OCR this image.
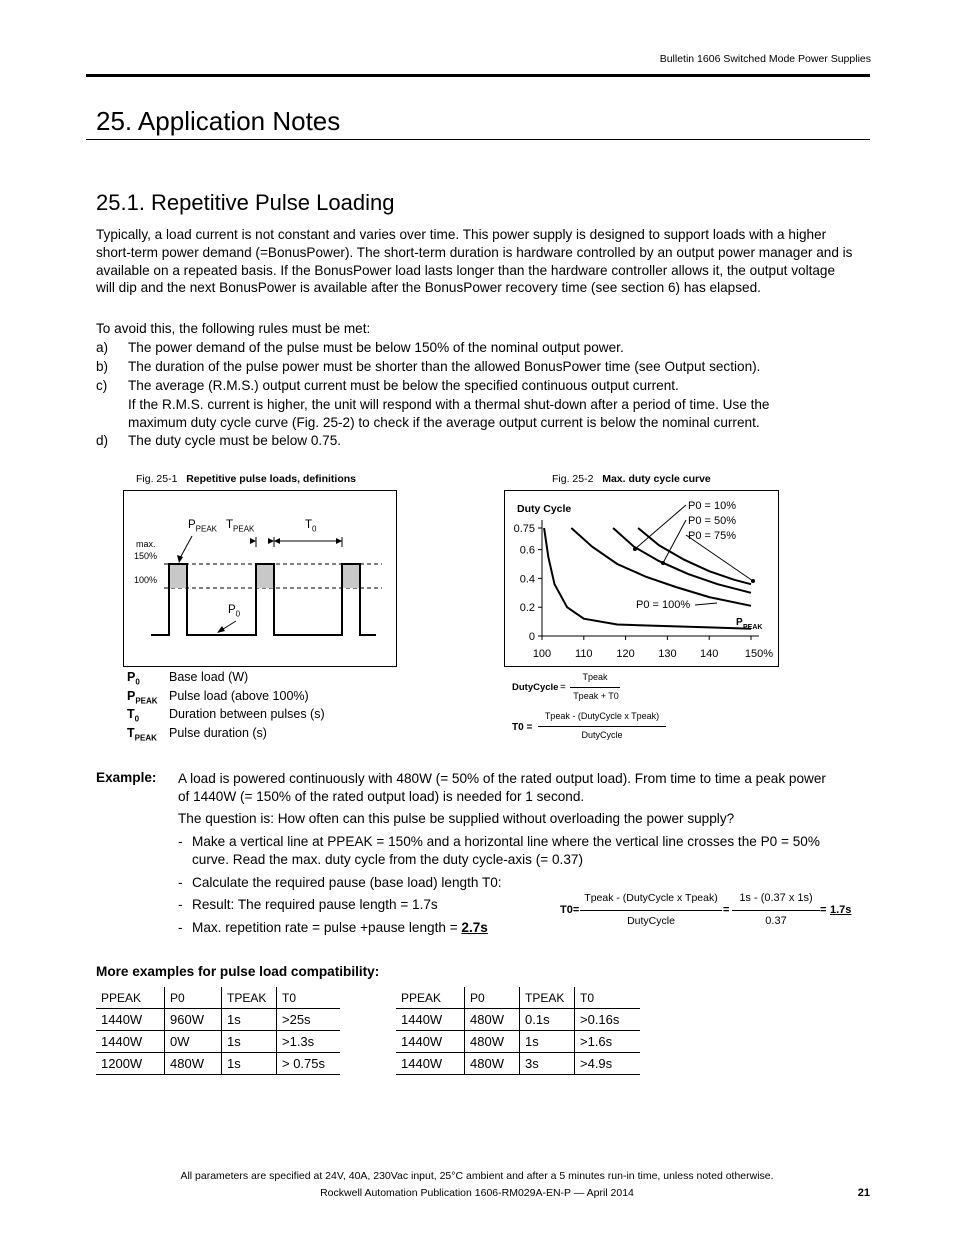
Bulletin 1606 Switched Mode Power Supplies
25. Application Notes
25.1. Repetitive Pulse Loading
Typically, a load current is not constant and varies over time. This power supply is designed to support loads with a higher short-term power demand (=BonusPower). The short-term duration is hardware controlled by an output power manager and is available on a repeated basis. If the BonusPower load lasts longer than the hardware controller allows it, the output voltage will dip and the next BonusPower is available after the BonusPower recovery time (see section 6) has elapsed.
To avoid this, the following rules must be met:
a) The power demand of the pulse must be below 150% of the nominal output power.
b) The duration of the pulse power must be shorter than the allowed BonusPower time (see Output section).
c) The average (R.M.S.) output current must be below the specified continuous output current.
If the R.M.S. current is higher, the unit will respond with a thermal shut-down after a period of time. Use the maximum duty cycle curve (Fig. 25-2) to check if the average output current is below the nominal current.
d) The duty cycle must be below 0.75.
Fig. 25-1 Repetitive pulse loads, definitions
$P_{PEAK}$ $T_{PEAK}$	$T_0$
max.
150%
100%
$P_0$
$P_0$	Base load (W)
$P_{PEAK}$	Pulse load (above 100%)
$T_0$	Duration between pulses (s)
$T_{PEAK}$	Pulse duration (s)
Fig. 25-2 Max. duty cycle curve
Duty Cycle
0
0.2
0.4
0.6
0.75
100 110 120 130 140 150%
P PEAK
P0 = 10%
P0 = 50%
P0 = 75%
P0 = 100%
DutyCycle =
Tpeak
Tpeak + T0
T0 =
Tpeak - (DutyCycle x Tpeak)
DutyCycle
Example: A load is powered continuously with 480W (= 50% of the rated output load). From time to time a peak power of 1440W (= 150% of the rated output load) is needed for 1 second.
The question is: How often can this pulse be supplied without overloading the power supply?
- Make a vertical line at PPEAK = 150% and a horizontal line where the vertical line crosses the P0 = 50% curve. Read the max. duty cycle from the duty cycle-axis (= 0.37)
- Calculate the required pause (base load) length T0:
- Result: The required pause length = 1.7s
- Max. repetition rate = pulse +pause length = 2.7s
T0=
Tpeak - (DutyCycle x Tpeak)
DutyCycle
=
1s - (0.37 x 1s)
0.37
= 1.7s
More examples for pulse load compatibility:
PPEAK	P0	TPEAK	T0
1440W	960W	1s	>25s
1440W	0W	1s	>1.3s
1200W	480W	1s	> 0.75s
PPEAK	P0	TPEAK	T0
1440W	480W	0.1s	>0.16s
1440W	480W	1s	>1.6s
1440W	480W	3s	>4.9s
All parameters are specified at 24V, 40A, 230Vac input, 25°C ambient and after a 5 minutes run-in time, unless noted otherwise.
Rockwell Automation Publication 1606-RM029A-EN-P — April 2014	21
